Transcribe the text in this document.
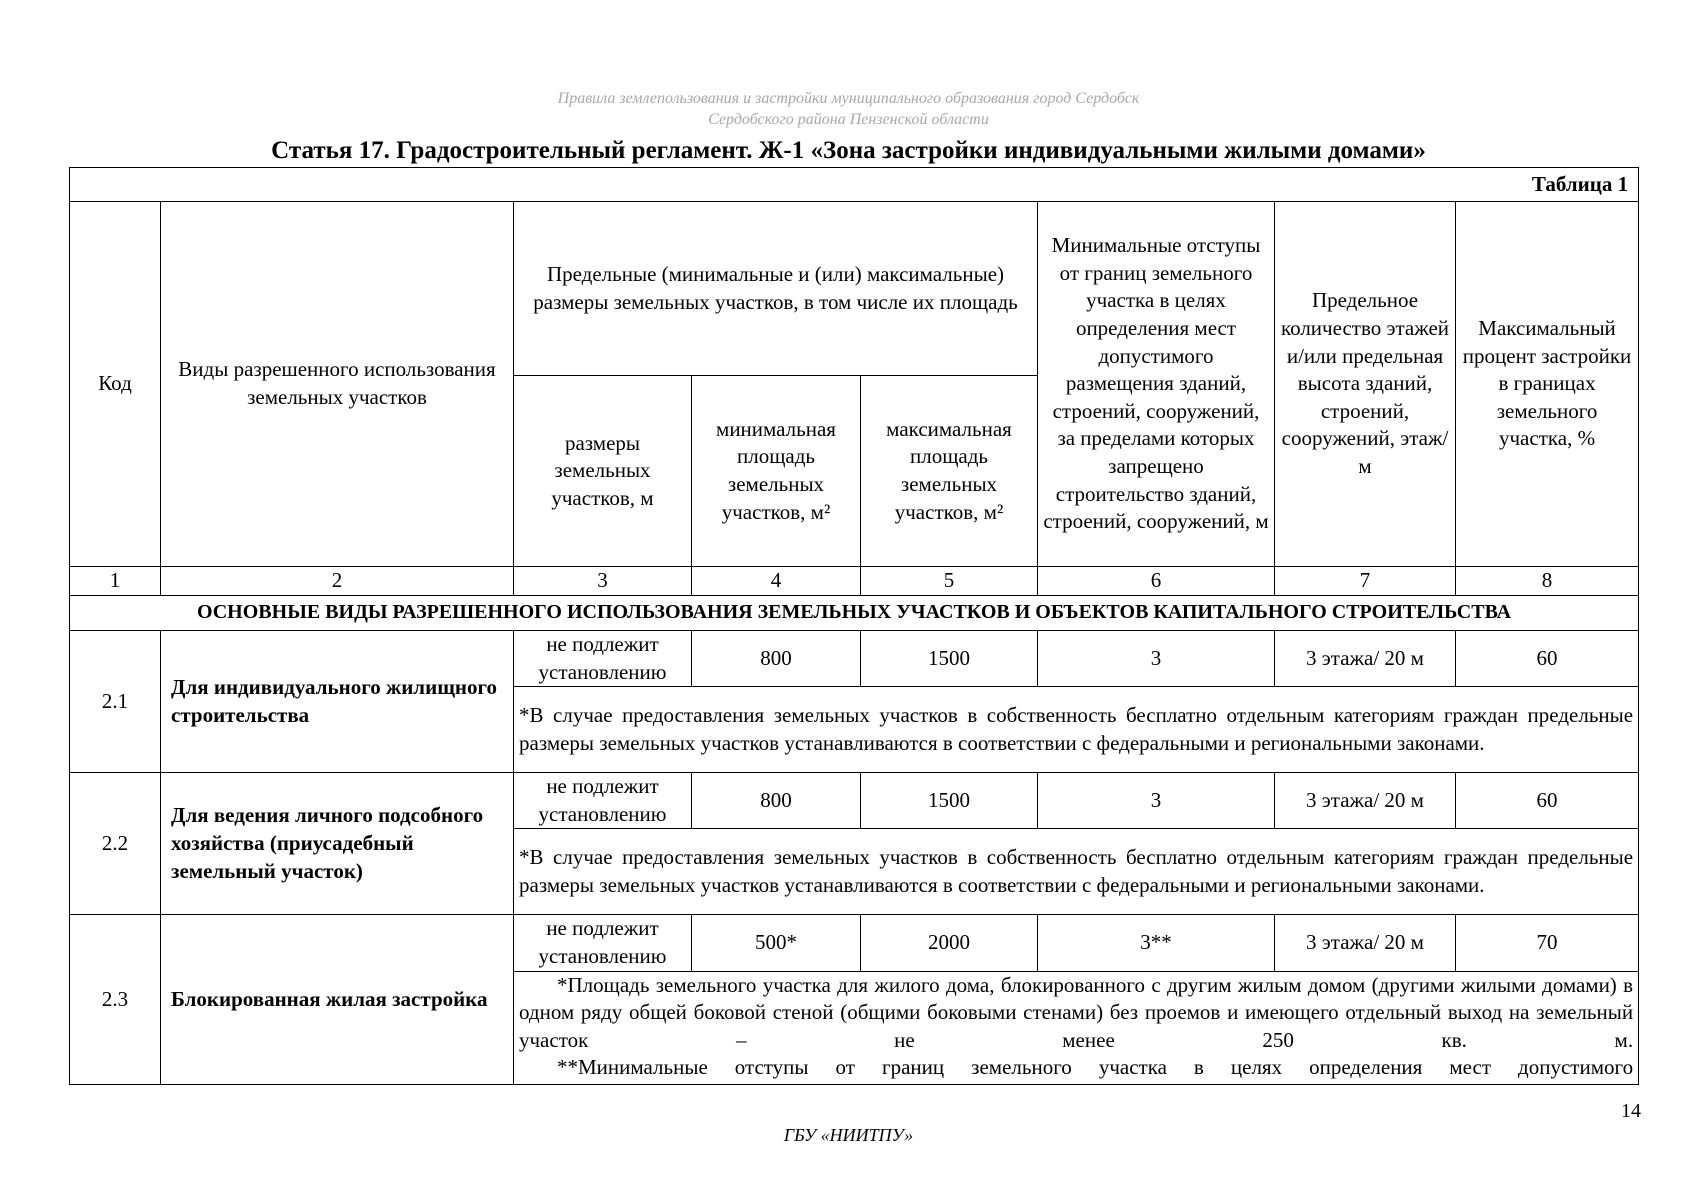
Правила землепользования и застройки муниципального образования город Сердобск
Сердобского района Пензенской области
Статья 17. Градостроительный регламент. Ж-1 «Зона застройки индивидуальными жилыми домами»
Таблица 1							
Код	Виды разрешенного использования земельных участков	Предельные (минимальные и (или) максимальные) размеры земельных участков, в том числе их площадь			Минимальные отступы от границ земельного участка в целях определения мест допустимого размещения зданий, строений, сооружений, за пределами которых запрещено строительство зданий, строений, сооружений, м	Предельное количество этажей и/или предельная высота зданий, строений, сооружений, этаж/м	Максимальный процент застройки в границах земельного участка, %
		размеры земельных участков, м	минимальная площадь земельных участков, м²	максимальная площадь земельных участков, м²			
1	2	3	4	5	6	7	8
ОСНОВНЫЕ ВИДЫ РАЗРЕШЕННОГО ИСПОЛЬЗОВАНИЯ ЗЕМЕЛЬНЫХ УЧАСТКОВ И ОБЪЕКТОВ КАПИТАЛЬНОГО СТРОИТЕЛЬСТВА							
2.1	Для индивидуального жилищного строительства	не подлежит установлению	800	1500	3	3 этажа/ 20 м	60
		*В случае предоставления земельных участков в собственность бесплатно отдельным категориям граждан предельные размеры земельных участков устанавливаются в соответствии с федеральными и региональными законами.					
2.2	Для ведения личного подсобного хозяйства (приусадебный земельный участок)	не подлежит установлению	800	1500	3	3 этажа/ 20 м	60
		*В случае предоставления земельных участков в собственность бесплатно отдельным категориям граждан предельные размеры земельных участков устанавливаются в соответствии с федеральными и региональными законами.					
2.3	Блокированная жилая застройка	не подлежит установлению	500*	2000	3**	3 этажа/ 20 м	70

		*Площадь земельного участка для жилого дома, блокированного с другим жилым домом (другими жилыми домами) в одном ряду общей боковой стеной (общими боковыми стенами) без проемов и имеющего отдельный выход на земельный участок – не менее 250 кв. м.

**Минимальные отступы от границ земельного участка в целях определения мест допустимого					

14
ГБУ «НИИТПУ»
